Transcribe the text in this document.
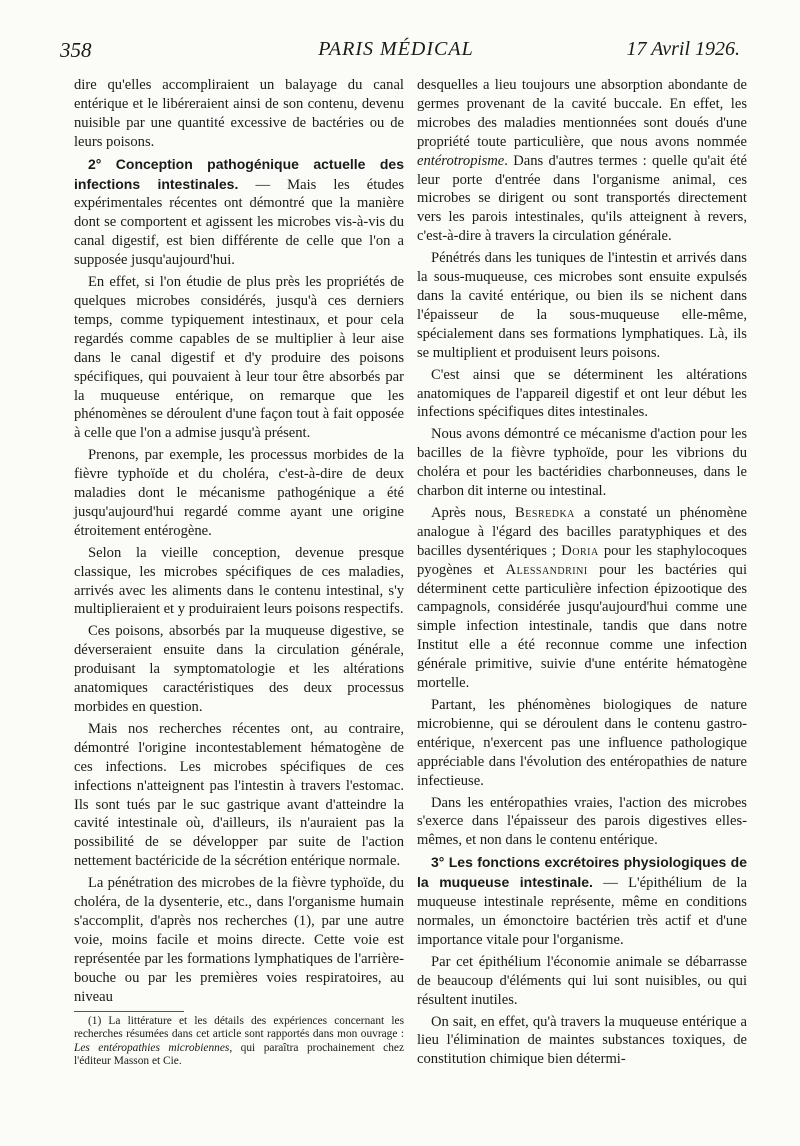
358	PARIS MÉDICAL	17 Avril 1926.

dire qu'elles accompliraient un balayage du canal entérique et le libéreraient ainsi de son contenu, devenu nuisible par une quantité excessive de bactéries ou de leurs poisons.

2° Conception pathogénique actuelle des infections intestinales. — Mais les études expérimentales récentes ont démontré que la manière dont se comportent et agissent les microbes vis-à-vis du canal digestif, est bien différente de celle que l'on a supposée jusqu'aujourd'hui.

En effet, si l'on étudie de plus près les propriétés de quelques microbes considérés, jusqu'à ces derniers temps, comme typiquement intestinaux, et pour cela regardés comme capables de se multiplier à leur aise dans le canal digestif et d'y produire des poisons spécifiques, qui pouvaient à leur tour être absorbés par la muqueuse entérique, on remarque que les phénomènes se déroulent d'une façon tout à fait opposée à celle que l'on a admise jusqu'à présent.

Prenons, par exemple, les processus morbides de la fièvre typhoïde et du choléra, c'est-à-dire de deux maladies dont le mécanisme pathogénique a été jusqu'aujourd'hui regardé comme ayant une origine étroitement entérogène.

Selon la vieille conception, devenue presque classique, les microbes spécifiques de ces maladies, arrivés avec les aliments dans le contenu intestinal, s'y multiplieraient et y produiraient leurs poisons respectifs.

Ces poisons, absorbés par la muqueuse digestive, se déverseraient ensuite dans la circulation générale, produisant la symptomatologie et les altérations anatomiques caractéristiques des deux processus morbides en question.

Mais nos recherches récentes ont, au contraire, démontré l'origine incontestablement hématogène de ces infections. Les microbes spécifiques de ces infections n'atteignent pas l'intestin à travers l'estomac. Ils sont tués par le suc gastrique avant d'atteindre la cavité intestinale où, d'ailleurs, ils n'auraient pas la possibilité de se développer par suite de l'action nettement bactéricide de la sécrétion entérique normale.

La pénétration des microbes de la fièvre typhoïde, du choléra, de la dysenterie, etc., dans l'organisme humain s'accomplit, d'après nos recherches (1), par une autre voie, moins facile et moins directe. Cette voie est représentée par les formations lymphatiques de l'arrière-bouche ou par les premières voies respiratoires, au niveau

(1) La littérature et les détails des expériences concernant les recherches résumées dans cet article sont rapportés dans mon ouvrage : Les entéropathies microbiennes, qui paraîtra prochainement chez l'éditeur Masson et Cie.

desquelles a lieu toujours une absorption abondante de germes provenant de la cavité buccale. En effet, les microbes des maladies mentionnées sont doués d'une propriété toute particulière, que nous avons nommée entérotropisme. Dans d'autres termes : quelle qu'ait été leur porte d'entrée dans l'organisme animal, ces microbes se dirigent ou sont transportés directement vers les parois intestinales, qu'ils atteignent à revers, c'est-à-dire à travers la circulation générale.

Pénétrés dans les tuniques de l'intestin et arrivés dans la sous-muqueuse, ces microbes sont ensuite expulsés dans la cavité entérique, ou bien ils se nichent dans l'épaisseur de la sous-muqueuse elle-même, spécialement dans ses formations lymphatiques. Là, ils se multiplient et produisent leurs poisons.

C'est ainsi que se déterminent les altérations anatomiques de l'appareil digestif et ont leur début les infections spécifiques dites intestinales.

Nous avons démontré ce mécanisme d'action pour les bacilles de la fièvre typhoïde, pour les vibrions du choléra et pour les bactéridies charbonneuses, dans le charbon dit interne ou intestinal.

Après nous, Besredka a constaté un phénomène analogue à l'égard des bacilles paratyphiques et des bacilles dysentériques ; Doria pour les staphylocoques pyogènes et Alessandrini pour les bactéries qui déterminent cette particulière infection épizootique des campagnols, considérée jusqu'aujourd'hui comme une simple infection intestinale, tandis que dans notre Institut elle a été reconnue comme une infection générale primitive, suivie d'une entérite hématogène mortelle.

Partant, les phénomènes biologiques de nature microbienne, qui se déroulent dans le contenu gastro-entérique, n'exercent pas une influence pathologique appréciable dans l'évolution des entéropathies de nature infectieuse.

Dans les entéropathies vraies, l'action des microbes s'exerce dans l'épaisseur des parois digestives elles-mêmes, et non dans le contenu entérique.

3° Les fonctions excrétoires physiologiques de la muqueuse intestinale. — L'épithélium de la muqueuse intestinale représente, même en conditions normales, un émonctoire bactérien très actif et d'une importance vitale pour l'organisme.

Par cet épithélium l'économie animale se débarrasse de beaucoup d'éléments qui lui sont nuisibles, ou qui résultent inutiles.

On sait, en effet, qu'à travers la muqueuse entérique a lieu l'élimination de maintes substances toxiques, de constitution chimique bien détermi-
